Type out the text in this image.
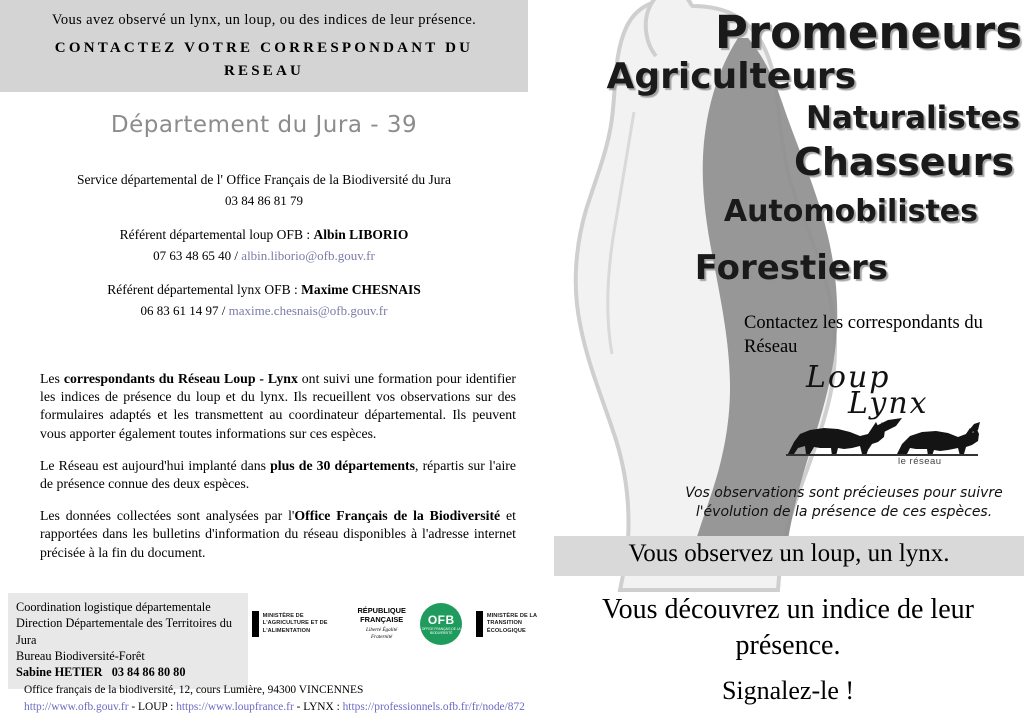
Vous avez observé un lynx, un loup, ou des indices de leur présence.
CONTACTEZ VOTRE CORRESPONDANT DU RESEAU
Département du Jura - 39
Service départemental de l' Office Français de la Biodiversité du Jura
03 84 86 81 79
Référent départemental loup OFB : Albin LIBORIO
07 63 48 65 40 / albin.liborio@ofb.gouv.fr
Référent départemental lynx OFB : Maxime CHESNAIS
06 83 61 14 97 / maxime.chesnais@ofb.gouv.fr

Les correspondants du Réseau Loup - Lynx ont suivi une formation pour identifier les indices de présence du loup et du lynx. Ils recueillent vos observations sur des formulaires adaptés et les transmettent au coordinateur départemental. Ils peuvent vous apporter également toutes informations sur ces espèces.

Le Réseau est aujourd'hui implanté dans plus de 30 départements, répartis sur l'aire de présence connue des deux espèces.

Les données collectées sont analysées par l'Office Français de la Biodiversité et rapportées dans les bulletins d'information du réseau disponibles à l'adresse internet précisée à la fin du document.

Coordination logistique départementale
Direction Départementale des Territoires du Jura
Bureau Biodiversité-Forêt
Sabine HETIER 03 84 86 80 80
MINISTÈRE DE L'AGRICULTURE ET DE L'ALIMENTATION
RÉPUBLIQUE FRANÇAISE
Liberté Égalité Fraternité
OFB
OFFICE FRANÇAIS DE LA BIODIVERSITÉ
MINISTÈRE DE LA TRANSITION ÉCOLOGIQUE
Office français de la biodiversité, 12, cours Lumière, 94300 VINCENNES
http://www.ofb.gouv.fr - LOUP : https://www.loupfrance.fr - LYNX : https://professionnels.ofb.fr/fr/node/872
Promeneurs
Agriculteurs
Naturalistes
Chasseurs
Automobilistes
Forestiers
Contactez les correspondants du Réseau
Loup
Lynx
le réseau
Vos observations sont précieuses pour suivre l'évolution de la présence de ces espèces.
Vous observez un loup, un lynx.
Vous découvrez un indice de leur présence.
Signalez-le !
